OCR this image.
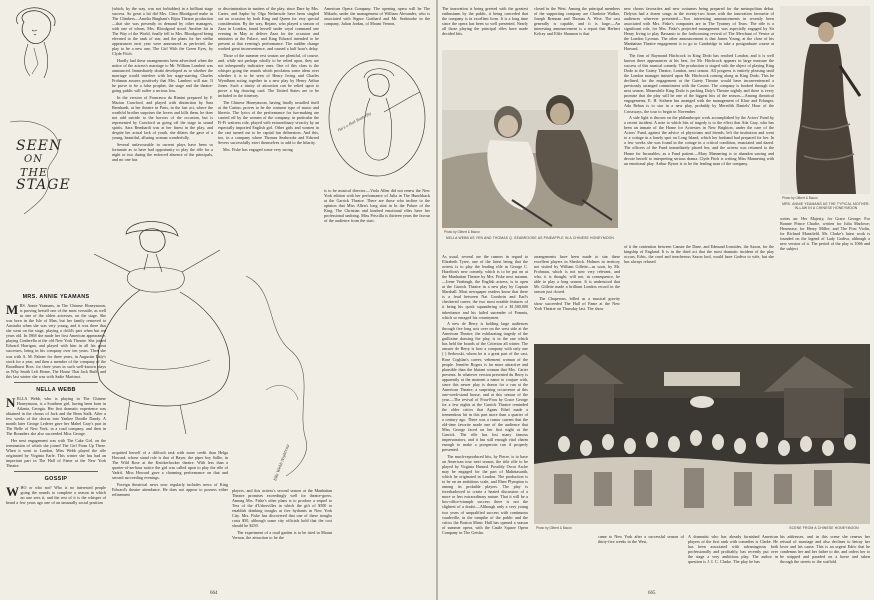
SEEN
ON
THE
STAGE

(which, by the way, was not forbidden) in a brilliant stage success. So great a hit did Mrs. Clara Bloodgood make in The Climbers—Amelia Bingham's Bijou Theatre production—that she was presently in demand by other managers, with one of whom, Mrs. Bloodgood stood. Another hit in The Way of the World, finally fell to Mrs. Bloodgood being elevated to the rank of star, and the plans for her stellar appearances next year were announced as perfected, the play to be a new one, The Girl With the Green Eyes, by Clyde Fitch.

Hardly had these arrangements been advertised when the notice of the actress's marriage to Mr. William Lambert was announced. Immediately doubt developed as to whether the marriage would interfere with her stage-starring. Charles Frohman assures positively that Mrs. Lambert will star. If he prove to be a false prophet, the stage and the theatre-going public will suffer a serious loss.

In the version of Francesca da Rimini prepared by F. Marion Crawford, and played with distinction by Sara Bernhardt, at her theatre in Paris, in the last act, where the wrathful brother surprises the lovers and kills them, he does not add suicide to the horrors of the occasion, but is represented by Crawford as going off the stage in sound spirits. Sara Bernhardt was at her finest in the play, and despite her actual lack of youth, she dilates the gave of a young, beautiful, alluring woman wonderfully.

Several unfavourable in current plays have been so fortunate as to have had opportunity to play the rôle for a night or two during the enforced absence of the principals, and no one has

or discrimination in matters of the play, since Dare by Mrs. Carter, and Sapho by Olga Nethersole have been singled out on occasion by both King and Queen for very special consideration. By the way, Rejane, who played a season of Zaza in London, found herself under royal command one evening in May to deliver Zaza for the occasion and ministers at the Palace, and King Edward intended to be present at that evening's performance. The sudden change worked great inconvenience, and caused a half hour's delay.

Those of the summer rest season are plentiful, of course, and, while not perhaps wholly to be relied upon, they are not infrequently indicative ones. One of this class is the whisper going the rounds which proclaims some ideas over whether it is to be seen of Henry Irving and Charles Wyndham acting together in a new play by Henry Arthur Jones. Such a trinity of attraction can be relied upon to prove a big drawing card. The United States are to be included in the itinerary.

The Chinese Honeymoon, having finally installed itself at the Casino, proves to be the costume type of music and libretto. The lyrics of the performance for fun-making are carried off by the women of the company, in particular the Fi-Fi waitress role, played with extraordinary vivacity by an especially imported English girl. Other girls and women in the cast turned out to be capital fun delineators. And this, too, in a company where Thomas Seabrooke and Edward Severs successfully exert themselves to add to the hilarity.

Mrs. Fiske has engaged some very strong

American Opera Company. The opening opera will be The Mikado, under the management of William Alexander, who is associated with Signor Gotthard and Mr. Seabrooke in the company. Julian Jordan, of Mount Vernon,

He's a Bad Butterfly

is to be musical director.—Viola Allen did not renew the New York edition with her performance of Julia in The Hunchback at the Garrick Theatre. There are those who incline to the opinion that Miss Allen's long stint in In the Palace of the King, The Christian and kindred emotional rôles have her professional undoing. Miss Priscilla is thirteen years the favour of the audience from the start.

Ella Webb Nightcap
MRS. ANNIE YEAMANS

MRS. Annie Yeamans, in The Chinese Honeymoon, is proving herself one of the most versatile, as well as one of the oldest actresses, on the stage. She was born in the Isle of Man, but her family removed to Australia when she was very young, and it was there that she went on the stage, playing a child's part when but ten years old. In 1868 she made her first American appearance, playing Cinderella at the old New York Theatre. She joined Edward Harrigan, and played with him in all his great successes, being in his company over ten years. Then she was with A. M. Palmer for three years, in Augustin Daly's stock for a year, and then a member of the company of the Broadhurst Bros. for three years in such well-known plays as Why Smith Left Home, The House That Jack Built, and this last winter she was with Sadie Martinot.

NELLA WEBB

NELLA Webb, who is playing in The Chinese Honeymoon, is a Southern girl, having been born in Atlanta, Georgia. Her first dramatic experience was obtained in the chorus of Jack and the Bean Stalk. After a few weeks of the chorus into Yankee Doodle Dandy. A month later George Lederer gave her Mabel Gray's part in The Belle of New York, in a road company, and then in The Rounders she also succeeded Miss George.

Her next engagement was with The Cake Girl, on the termination of which she joined The Girl From Up There. When it went to London, Miss Webb played the rôle originated by Virginia Earle. This winter she has had an important part in The Hall of Fame at the New York Theatre.

GOSSIP

WHO or who not? Who is no interested people going the rounds to complete a season in which no one sees it, and the rest of it is the whisper of heard a few years ago one of an unusually social position

acquitted herself of a difficult task with more credit than Helga Howard, whose stand role is that of Bayer, the piper boy Sallie, in The Wild Rose at the Knickerbocker theatre. With less than a quarter-of-an-hour notice the girl was called upon to play the rôle of Vadrif. Miss Howard gave a charming performance on that and second succeeding evenings.

Foreign theatrical news now regularly includes news of King Edward's theatre attendance. He does not appear to possess either refinement

players, and this actress's second season at the Manhattan Theatre promises exceedingly well for theatre-goers. Among Mrs. Fiske's other plans is to produce a sequel to Tess of the d'Urbervilles in which the gift of $500 to establish drinking troughs at five hydrants in New York City. Mrs. Fiske has discovered that one of these troughs costs $50, although some city officials hold that the cost should be $250.

The experiment of a road garden is to be tried in Mount Vernon, the attraction to be the

664

The innovation is being greeted with the greatest enthusiasm by the public, it being conceded that the company is in excellent form. It is a long time since the opera has been so well presented. Nearly all those playing the principal rôles have made decided hits.

closed in the West. Among the principal members of the supporting company are Charlotte Walker, Joseph Brennan and Thomas A. Wise. The cast generally is capable, and it is large.—An interesting announcement is a report that Herbert Kelcey and Effie Shannon is that

Photo by Gilbert & Bacon
NELLA WEBB AS YEN AND THOMAS Q. SEABROOKE AS PINEAPPLE IN A CHINESE HONEYMOON

new chorus favourites and new costumes being prepared for the metropolitan debut. Delysia had a dozen songs in the twenty-two hours with the innovation favourite of audiences wherever presented.—Two interesting announcements in recently been associated with Mrs. Fiske's companies are in The Tyranny of Tears. The rôle is a significant role, for Mrs. Fiske's projected management was especially engaged by Sir Henry Irving to play Bassanio to the forthcoming revival of The Merchant of Venice at the London Lyceum. The other announcement is that James Young, at the close of his Manhattan Theatre engagement is to go to Cambridge to take a postgraduate course at Harvard.

The firm of Raymond Hitchcock in King Dodo has reached London, and it is well known there appearances at his best, for Mr. Hitchcock appears in large measure the success of this musical comedy. The production is staged with the object of playing King Dodo at the Gaiety Theatre, London, next season. All progress is entirely pleasing until the London manager insisted upon Mr. Hitchcock coming along as King Dodo. This he declined, for the engagement at the Gaiety Theatre would have inconvenienced a previously arranged commitment with the Casino. The company is booked through for next season. Meanwhile King Dodo is packing Daly's Theatre nightly and there is every promise that the play will be one of the biggest hits of the season.—Among theatrical engagements, E. H. Sothern has arranged with the management of Klaw and Erlanger, Ada Rehan is to star in a new play, probably by Meredith Daniels' Hour of the Crossways, the tour to begin in November.

A side light is thrown on the philanthropic work accomplished by the Actors' Fund by a recent incident. A note to which bits of tragedy is to the effect that Ada Gray, who has been an inmate of the Home for Actresses in New Brighton, under the care of the Actors' Fund, against the advice of physicians and friends, left the institution and went to a cottage in a lonely spot on Long Island, which her husband had prepared for her. In a few weeks she was found in the cottage in a critical condition, emaciated and dazed. The officers of the Fund immediately placed her, and the actress was returned to the Home for Incurables, as a Fund patient.—Mary Mannering is to abandon sawing and devote herself to interpreting serious drama. Clyde Fitch is writing Miss Mannering with an emotional play. Arthur Byron is to be the leading man of the company.

Photo by Gilbert & Bacon
MRS. ANNIE YEAMANS AS THE TYPICAL MOTHER-IN-LAW IN A CHINESE HONEYMOON

writes an: Her Majesty, for Grace George; For Bonnie Prince Charlie, written for Julia Marlowe; Hearsease, for Henry Miller; and The First Violin, for Richard Mansfield. Mr. Clarke's latest work is founded on the legend of Lady Godiva, although a new version of it. The period of the play is 1066 and the subject

As usual, several are the rumors in regard to Elizabeth Tyree, one of the latest being that the actress is to play the leading rôle in George C. Hazelton's new comedy, which is to be put on at the Manhattan Theatre by Mrs. Fiske next autumn.—Irene Vanbrugh, the English actress, is to open at the Garrick Theatre in a new play by Captain Marshall. Most newspaper readers know that there is a feud between Nat Goodwin and Earl's checkered career, the two most notable features of it being his quick squandering of a $1,500,000 inheritance and his failed surrender of Pomnia, which so enraged his countrymen.

A new de Berry is holding large audiences through five long acts over on the west side at the American Theatre, the exhilarating tragedy of the guillotine drawing the play, is in the one which has held the boards of the Criterion all winter. The answer de Berry is how a company with only one ( ) Sedowski, whom he is a great part of the cast, Rose Coghlan's career, vehement woman of the people. Jennifer Rogers is far more attractive and plausible than the blatant woman that Mrs. Carter presents. In whatever version presented du Berry is apparently at the moment a name to conjure with, since this newer play is drawn for a run at the American Theatre, a surprising occurrence at this one-week-stand house, and at this season of the year.—The revival of Frou-Frou by Grace George for a few nights at the Garrick Theatre reminded the older critics that Agnes Ethel made a tremendous hit in this part more than a quarter of a century ago. There was a rumor current that the old-time favorite made one of the audience that Miss George faced on her first night at the Garrick. The rôle has lost many famous impersonators, and it has still enough vital charm enough to make a prosperous run if properly presented.

The much-reproduced hits, by Pierre, is to have an American tour next season, the title rôle to be played by Virginia Harned. Possibly Oscar Asche may be engaged for the part of Malintasanth, which he originated in London. The production is to be on an ambitious scale, and Eben Plympton is among its probable players. The play is foreshadowed to create a heated discussion of a more or less extraordinary nature. That it will be a box-office-triumph success there is not the slightest of a doubt.—Although only a very young two years of unqualified success with continuous vaudeville, in the turnpike of the public and the critics the Boston Music Hall has opened a season of summer opera, with the Castle Square Opera Company in The Geisha.

arrangements have been made to star these excellent players in Sherlock. Holmes in territory not visited by William Gillette—as soon, by Mr. Frohman, which is not now very relevant, and who, it is thought, will not, in consequence, be able to play a long season. It is understood that Mr. Gillette made a brilliant London record in the season just closed.

The Chaperons, billed as a musical gravity show succeeded The Hall of Fame at the New York Theatre on Thursday last. The show

of it the contention between Canute the Dane, and Edmund Ironsides, the Saxon, for the kingship of England. It is in the third act that the most dramatic incident of the play occurs, Edric, the cruel and treacherous Saxon lord, would have Godiva to wife, but she has always refused

Photo by Gilbert & Bacon	SCENE FROM A CHINESE HONEYMOON

came to New York after a successful season of thirty-five weeks in the West,

A dramatist who has already furnished American players of the first rank with comedies is Clarke. He has been associated with advantageous both professionally and profitably, has recently put over the stage a very ambitious play. The author in question is J. I. C. Clarke. The play he has

his addresses, and in this scene she renews her refusal of marriage and also declines to betray her lover and his cause. This is an urgent Edric that he condemns her and her father to die, and orders her to be stripped and paraded on a horse and taken through the streets to the scaffold.

665
